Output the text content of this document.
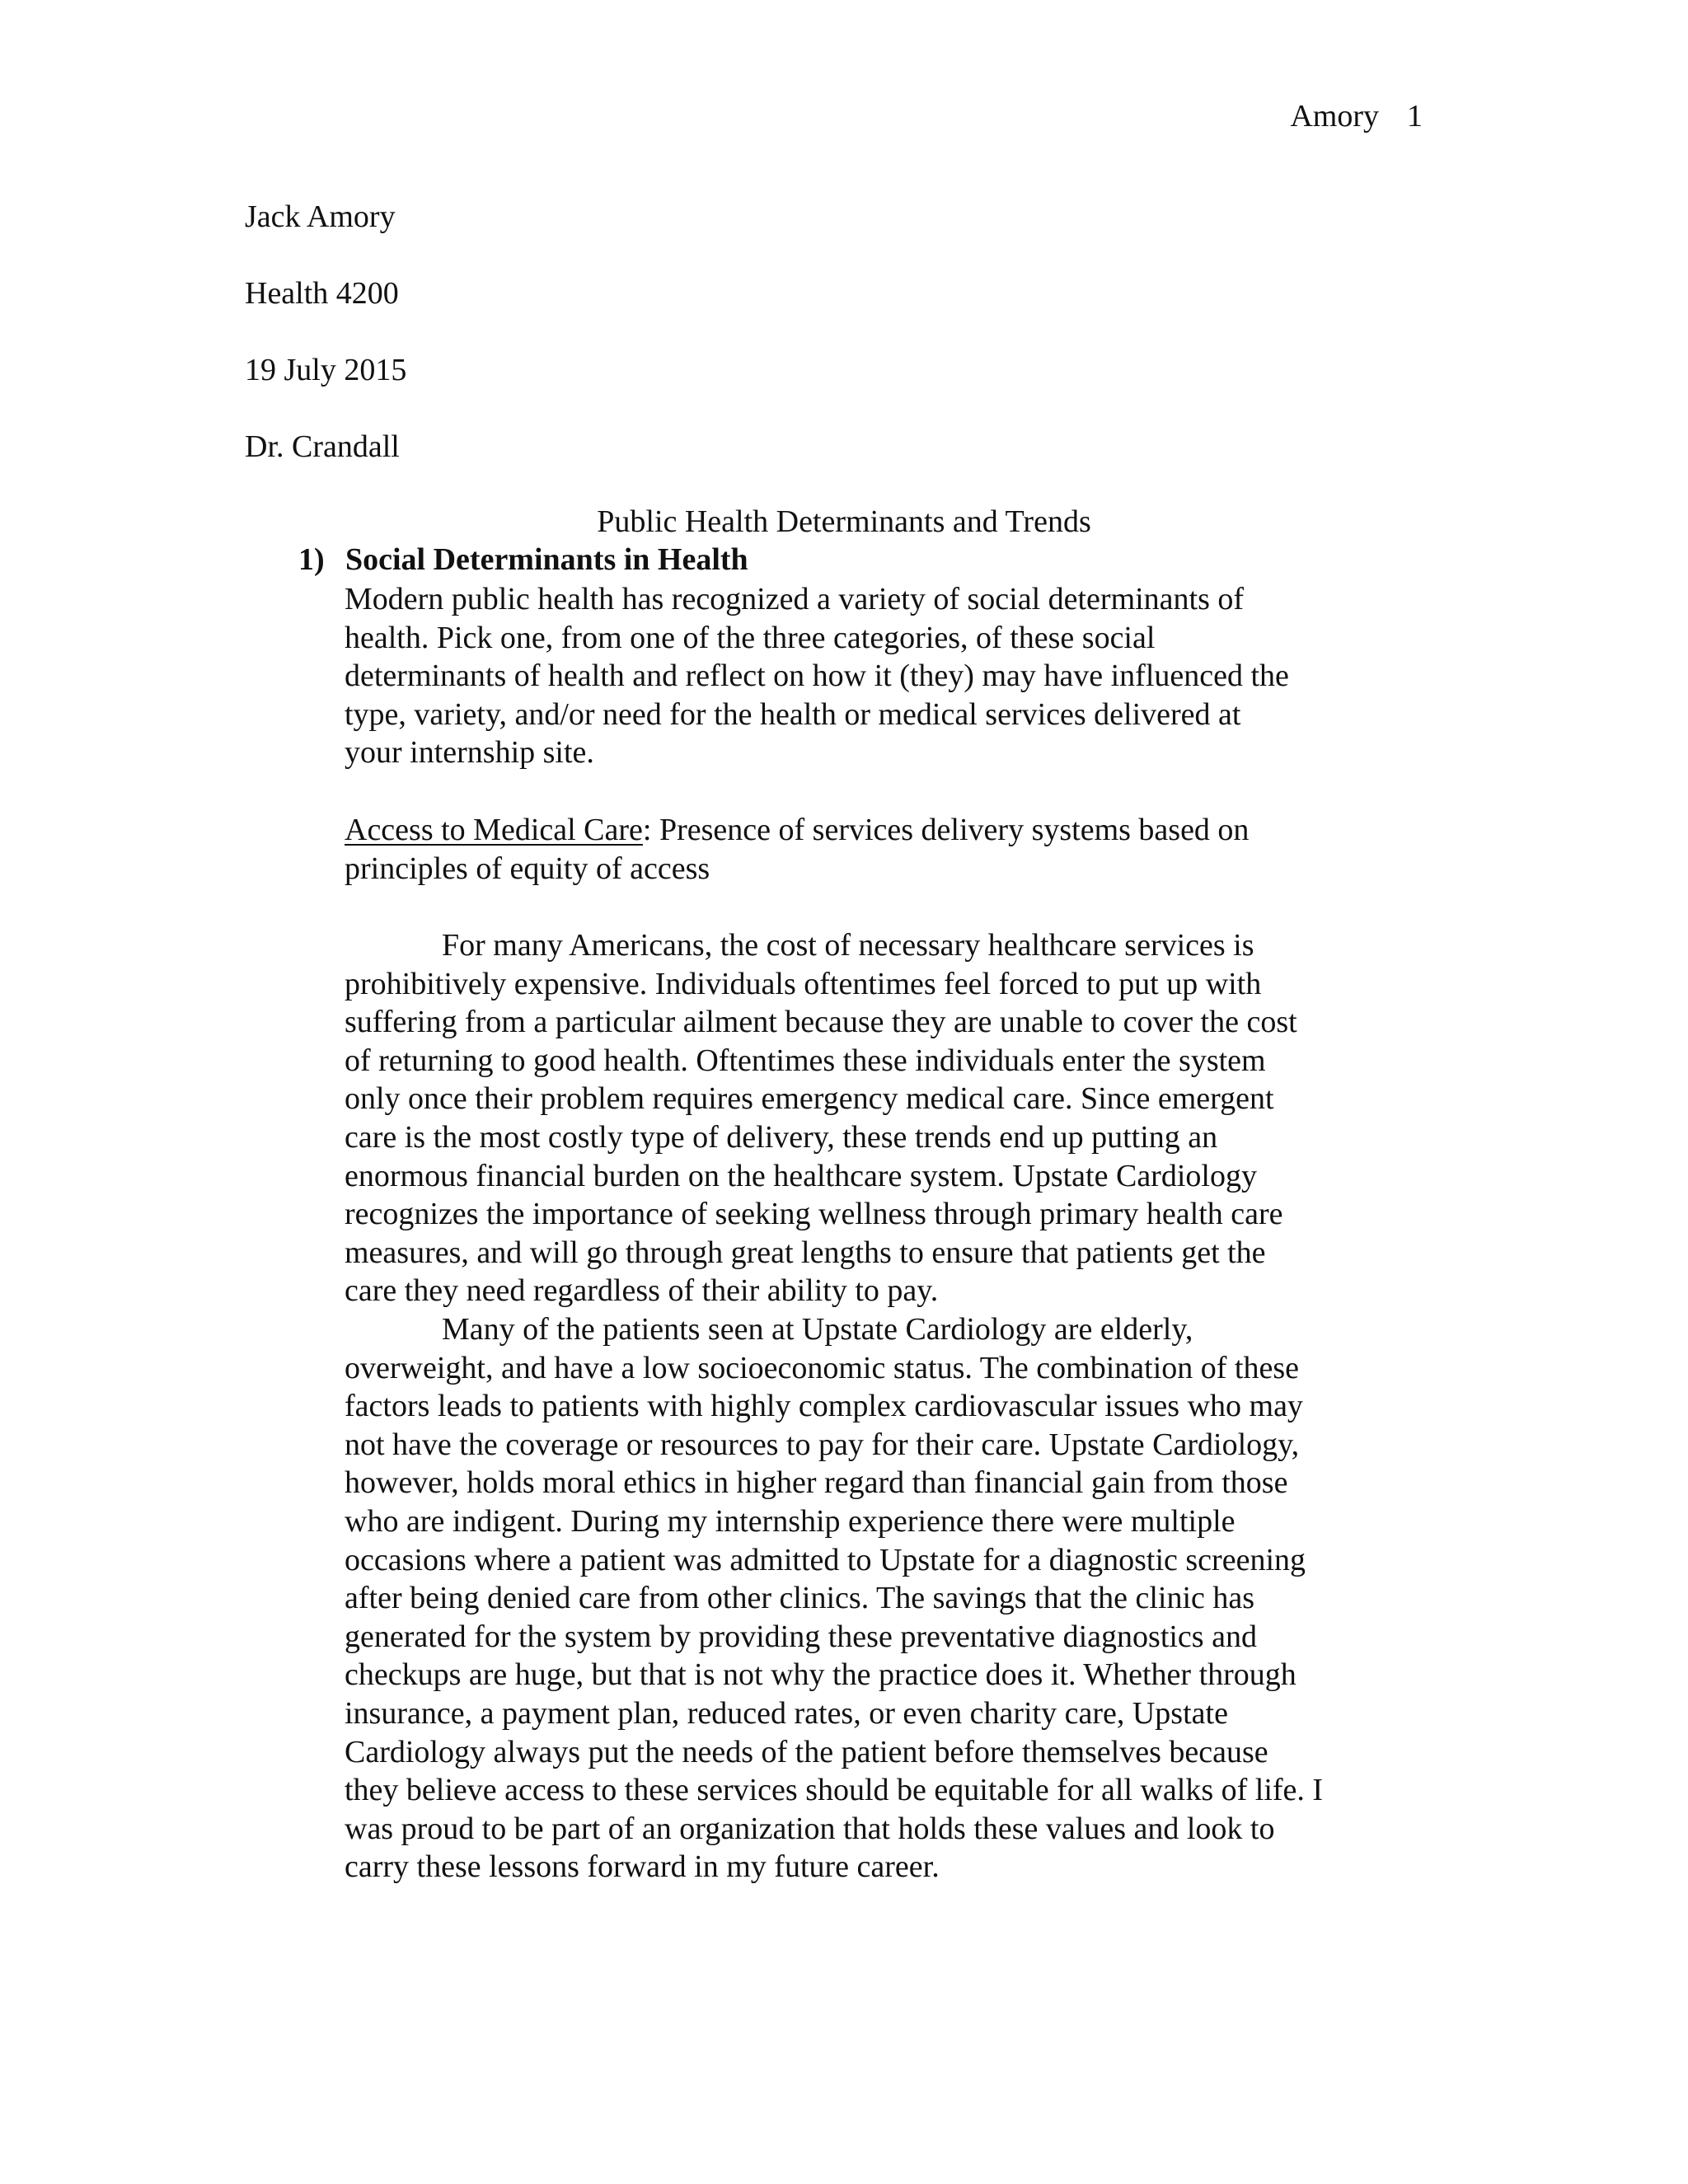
Amory 1
Jack Amory
Health 4200
19 July 2015
Dr. Crandall
Public Health Determinants and Trends
1) Social Determinants in Health
Modern public health has recognized a variety of social determinants of
health. Pick one, from one of the three categories, of these social
determinants of health and reflect on how it (they) may have influenced the
type, variety, and/or need for the health or medical services delivered at
your internship site.
Access to Medical Care: Presence of services delivery systems based on
principles of equity of access
For many Americans, the cost of necessary healthcare services is
prohibitively expensive. Individuals oftentimes feel forced to put up with
suffering from a particular ailment because they are unable to cover the cost
of returning to good health. Oftentimes these individuals enter the system
only once their problem requires emergency medical care. Since emergent
care is the most costly type of delivery, these trends end up putting an
enormous financial burden on the healthcare system. Upstate Cardiology
recognizes the importance of seeking wellness through primary health care
measures, and will go through great lengths to ensure that patients get the
care they need regardless of their ability to pay.
Many of the patients seen at Upstate Cardiology are elderly,
overweight, and have a low socioeconomic status. The combination of these
factors leads to patients with highly complex cardiovascular issues who may
not have the coverage or resources to pay for their care. Upstate Cardiology,
however, holds moral ethics in higher regard than financial gain from those
who are indigent. During my internship experience there were multiple
occasions where a patient was admitted to Upstate for a diagnostic screening
after being denied care from other clinics. The savings that the clinic has
generated for the system by providing these preventative diagnostics and
checkups are huge, but that is not why the practice does it. Whether through
insurance, a payment plan, reduced rates, or even charity care, Upstate
Cardiology always put the needs of the patient before themselves because
they believe access to these services should be equitable for all walks of life. I
was proud to be part of an organization that holds these values and look to
carry these lessons forward in my future career.
